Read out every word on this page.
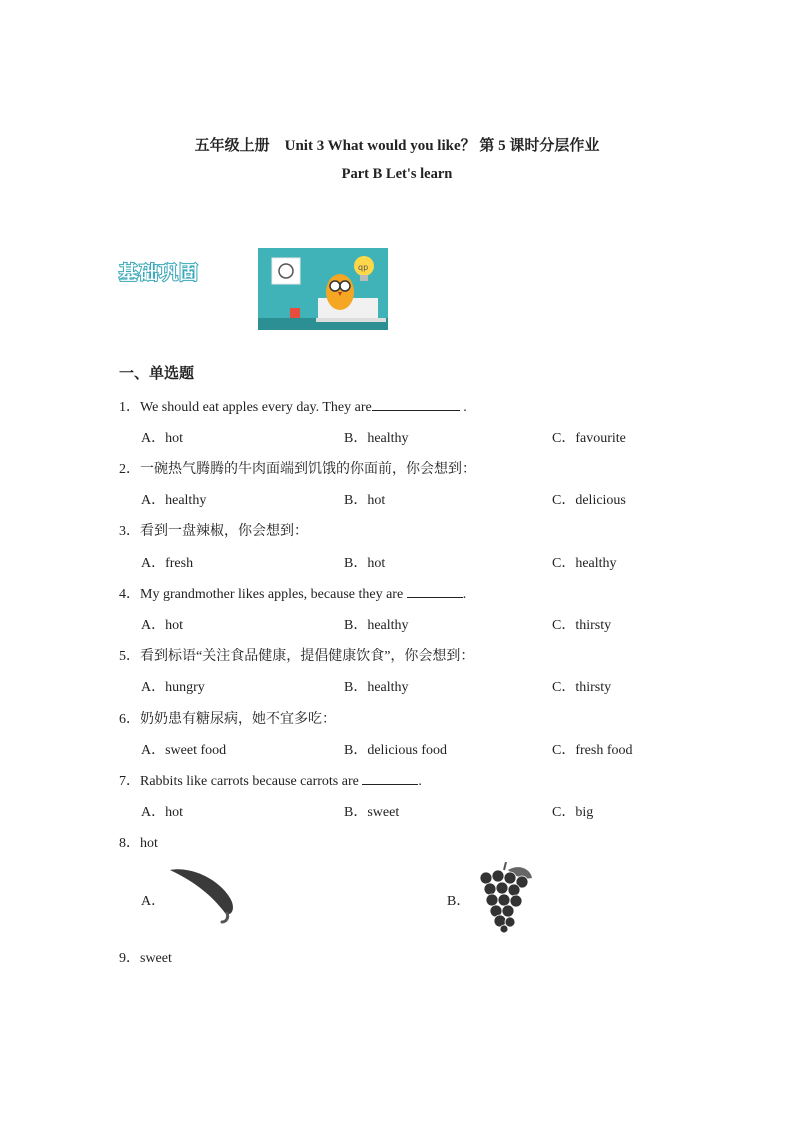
五年级上册　Unit 3 What would you like？ 第 5 课时分层作业
Part B Let's learn
基础巩固	qp
一、单选题
1．We should eat apples every day. They are	.
A．hot	B．healthy	C．favourite
2．一碗热气腾腾的牛肉面端到饥饿的你面前，你会想到：
A．healthy	B．hot	C．delicious
3．看到一盘辣椒，你会想到：
A．fresh	B．hot	C．healthy
4．My grandmother likes apples, because they are	.
A．hot	B．healthy	C．thirsty
5．看到标语“关注食品健康，提倡健康饮食”，你会想到：
A．hungry	B．healthy	C．thirsty
6．奶奶患有糖尿病，她不宜多吃：
A．sweet food	B．delicious food	C．fresh food
7．Rabbits like carrots because carrots are	.
A．hot	B．sweet	C．big
8．hot
A．	B．
9．sweet
